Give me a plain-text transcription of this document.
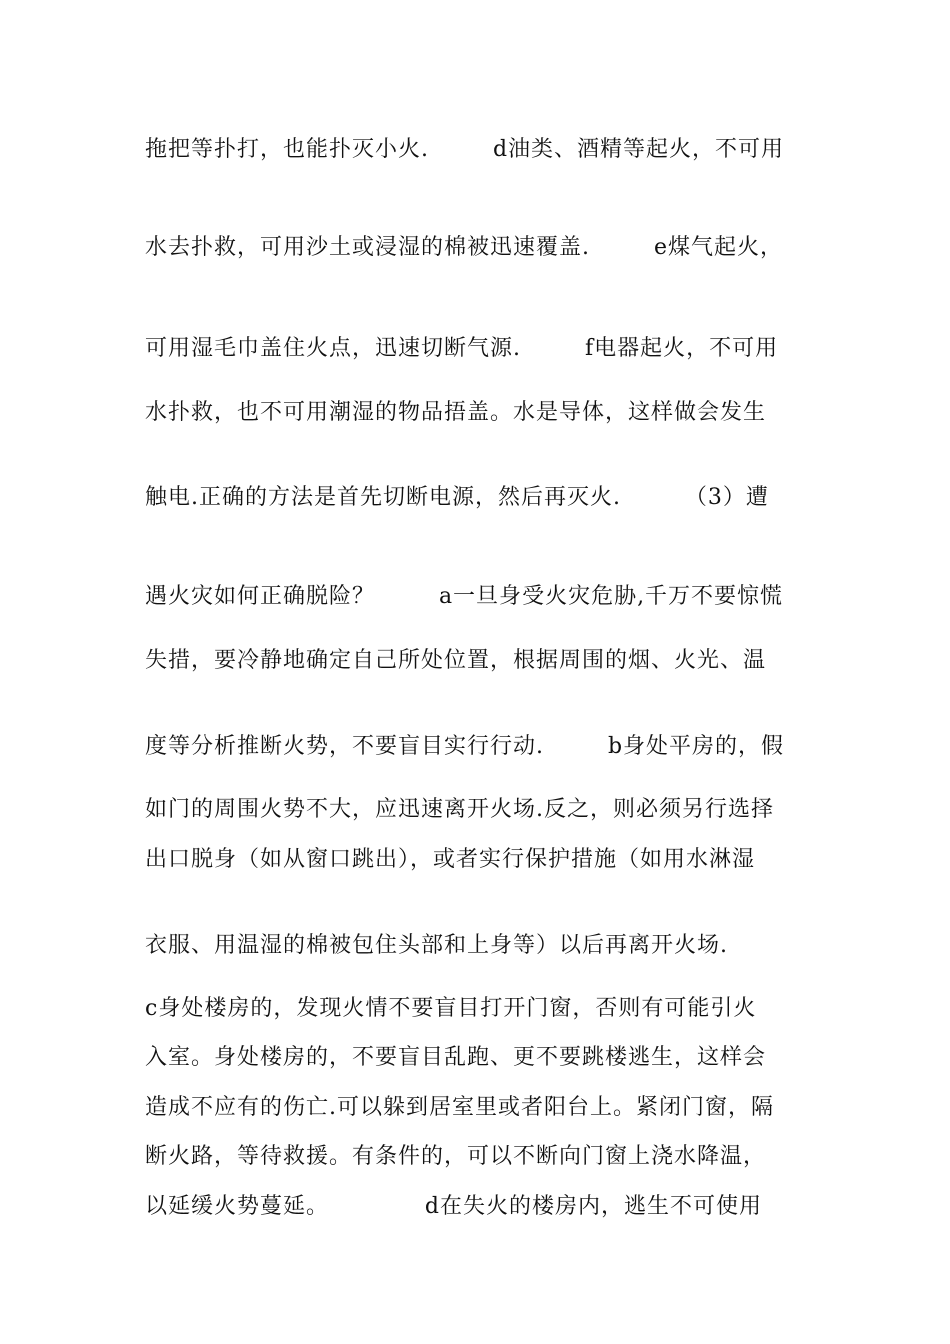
拖把等扑打，也能扑灭小火.        d油类、酒精等起火，不可用
水去扑救，可用沙土或浸湿的棉被迅速覆盖.        e煤气起火，
可用湿毛巾盖住火点，迅速切断气源.        f电器起火，不可用
水扑救，也不可用潮湿的物品捂盖。水是导体，这样做会发生
触电.正确的方法是首先切断电源，然后再灭火.        （3）遭
遇火灾如何正确脱险？        a一旦身受火灾危胁,千万不要惊慌
失措，要冷静地确定自己所处位置，根据周围的烟、火光、温
度等分析推断火势，不要盲目实行行动.        b身处平房的，假
如门的周围火势不大，应迅速离开火场.反之，则必须另行选择
出口脱身（如从窗口跳出），或者实行保护措施（如用水淋湿
衣服、用温湿的棉被包住头部和上身等）以后再离开火场.
c身处楼房的，发现火情不要盲目打开门窗，否则有可能引火
入室。身处楼房的，不要盲目乱跑、更不要跳楼逃生，这样会
造成不应有的伤亡.可以躲到居室里或者阳台上。紧闭门窗，隔
断火路，等待救援。有条件的，可以不断向门窗上浇水降温，
以延缓火势蔓延。            d在失火的楼房内，逃生不可使用
